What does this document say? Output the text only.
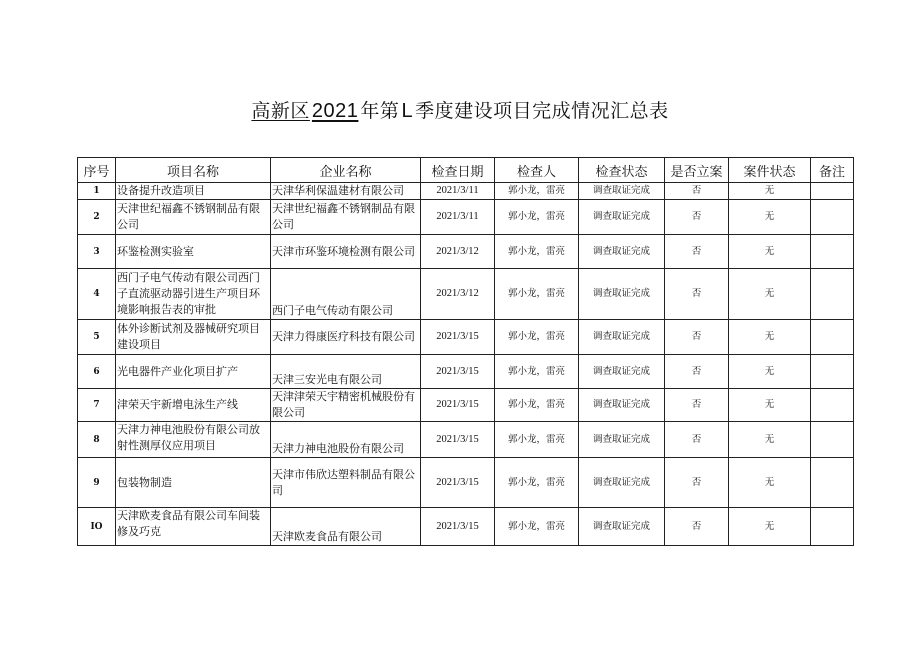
高新区 2021 年第 L 季度建设项目完成情况汇总表
序号	项目名称	企业名称	检查日期	检查人	检查状态	是否立案	案件状态	备注
1	设备提升改造项目	天津华利保温建材有限公司	2021/3/11	郭小龙，雷亮	调查取证完成	否	无	
2	天津世纪福鑫不锈钢制品有限公司	天津世纪福鑫不锈钢制品有限公司	2021/3/11	郭小龙，雷亮	调查取证完成	否	无	
3	环鉴检测实验室	天津市环鉴环境检测有限公司	2021/3/12	郭小龙，雷亮	调查取证完成	否	无	
4	西门子电气传动有限公司西门子直流驱动器引进生产项目环境影响报告表的审批	西门子电气传动有限公司	2021/3/12	郭小龙，雷亮	调查取证完成	否	无	
5	体外诊断试剂及器械研究项目建设项目	天津力得康医疗科技有限公司	2021/3/15	郭小龙，雷亮	调查取证完成	否	无	
6	光电器件产业化项目扩产	天津三安光电有限公司	2021/3/15	郭小龙，雷亮	调查取证完成	否	无	
7	津荣天宇新增电泳生产线	天津津荣天宇精密机械股份有限公司	2021/3/15	郭小龙，雷亮	调查取证完成	否	无	
8	天津力神电池股份有限公司放射性测厚仪应用项目	天津力神电池股份有限公司	2021/3/15	郭小龙，雷亮	调查取证完成	否	无	
9	包装物制造	天津市伟欣达塑料制品有限公司	2021/3/15	郭小龙，雷亮	调查取证完成	否	无	
IO	天津欧麦食品有限公司车间装修及巧克	天津欧麦食品有限公司	2021/3/15	郭小龙，雷亮	调查取证完成	否	无	
